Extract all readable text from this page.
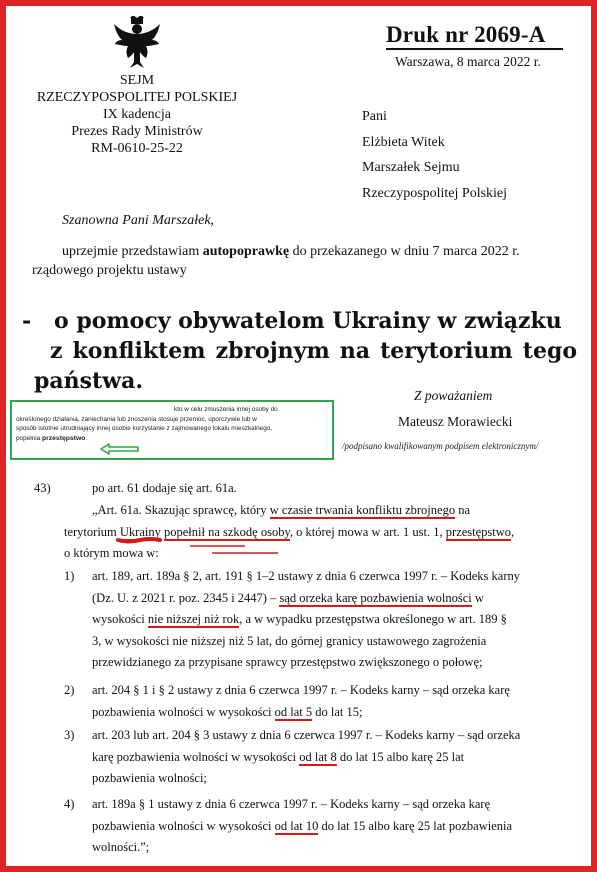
SEJM
RZECZYPOSPOLITEJ POLSKIEJ
IX kadencja
Prezes Rady Ministrów
RM-0610-25-22
Druk nr 2069-A
Warszawa, 8 marca 2022 r.
Pani
Elżbieta Witek
Marszałek Sejmu
Rzeczypospolitej Polskiej
Szanowna Pani Marszałek,
uprzejmie przedstawiam autopoprawkę do przekazanego w dniu 7 marca 2022 r.
rządowego projektu ustawy
- o pomocy obywatelom Ukrainy w związku
z konfliktem zbrojnym na terytorium tego
państwa.
Z poważaniem
Mateusz Morawiecki
/podpisano kwalifikowanym podpisem elektronicznym/
kto w celu zmuszenia innej osoby do
określonego działania, zaniechania lub znoszenia stosuje przemoc, uporczywie lub w
sposób istotnie utrudniający innej osobie korzystanie z zajmowanego lokalu mieszkalnego,
popełnia przestępstwo.
43)	po art. 61 dodaje się art. 61a.
„Art. 61a. Skazując sprawcę, który w czasie trwania konfliktu zbrojnego na
terytorium Ukrainy popełnił na szkodę osoby, o której mowa w art. 1 ust. 1, przestępstwo,
o którym mowa w:
1) art. 189, art. 189a § 2, art. 191 § 1–2 ustawy z dnia 6 czerwca 1997 r. – Kodeks karny
(Dz. U. z 2021 r. poz. 2345 i 2447) – sąd orzeka karę pozbawienia wolności w
wysokości nie niższej niż rok, a w wypadku przestępstwa określonego w art. 189 §
3, w wysokości nie niższej niż 5 lat, do górnej granicy ustawowego zagrożenia
przewidzianego za przypisane sprawcy przestępstwo zwiększonego o połowę;
2) art. 204 § 1 i § 2 ustawy z dnia 6 czerwca 1997 r. – Kodeks karny – sąd orzeka karę
pozbawienia wolności w wysokości od lat 5 do lat 15;
3) art. 203 lub art. 204 § 3 ustawy z dnia 6 czerwca 1997 r. – Kodeks karny – sąd orzeka
karę pozbawienia wolności w wysokości od lat 8 do lat 15 albo karę 25 lat
pozbawienia wolności;
4) art. 189a § 1 ustawy z dnia 6 czerwca 1997 r. – Kodeks karny – sąd orzeka karę
pozbawienia wolności w wysokości od lat 10 do lat 15 albo karę 25 lat pozbawienia
wolności.”;
